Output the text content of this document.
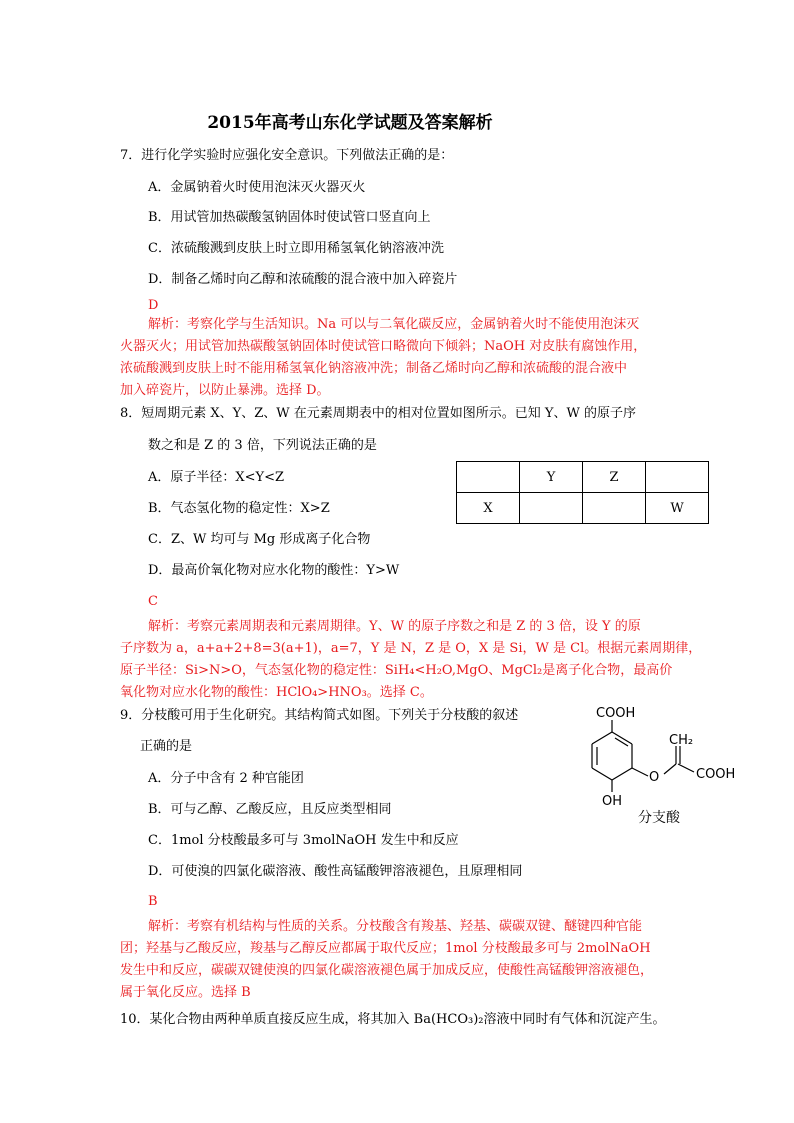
2015年高考山东化学试题及答案解析
7．进行化学实验时应强化安全意识。下列做法正确的是：
A．金属钠着火时使用泡沫灭火器灭火
B．用试管加热碳酸氢钠固体时使试管口竖直向上
C．浓硫酸溅到皮肤上时立即用稀氢氧化钠溶液冲洗
D．制备乙烯时向乙醇和浓硫酸的混合液中加入碎瓷片
D
解析：考察化学与生活知识。Na 可以与二氧化碳反应，金属钠着火时不能使用泡沫灭
火器灭火；用试管加热碳酸氢钠固体时使试管口略微向下倾斜；NaOH 对皮肤有腐蚀作用，
浓硫酸溅到皮肤上时不能用稀氢氧化钠溶液冲洗；制备乙烯时向乙醇和浓硫酸的混合液中
加入碎瓷片，以防止暴沸。选择 D。
8．短周期元素 X、Y、Z、W 在元素周期表中的相对位置如图所示。已知 Y、W 的原子序
数之和是 Z 的 3 倍，下列说法正确的是
A．原子半径：X<Y<Z
B．气态氢化物的稳定性：X>Z
C．Z、W 均可与 Mg 形成离子化合物
D．最高价氧化物对应水化物的酸性：Y>W
	Y	Z	
X			W
C
解析：考察元素周期表和元素周期律。Y、W 的原子序数之和是 Z 的 3 倍，设 Y 的原
子序数为 a，a+a+2+8=3(a+1)，a=7，Y 是 N，Z 是 O，X 是 Si，W 是 Cl。根据元素周期律，
原子半径：Si>N>O，气态氢化物的稳定性：SiH₄<H₂O,MgO、MgCl₂是离子化合物，最高价
氧化物对应水化物的酸性：HClO₄>HNO₃。选择 C。
9．分枝酸可用于生化研究。其结构简式如图。下列关于分枝酸的叙述
正确的是
A．分子中含有 2 种官能团
B．可与乙醇、乙酸反应，且反应类型相同
C．1mol 分枝酸最多可与 3molNaOH 发生中和反应
D．可使溴的四氯化碳溶液、酸性高锰酸钾溶液褪色，且原理相同
COOH
CH₂
O	COOH
OH
分支酸
B
解析：考察有机结构与性质的关系。分枝酸含有羧基、羟基、碳碳双键、醚键四种官能
团；羟基与乙酸反应，羧基与乙醇反应都属于取代反应；1mol 分枝酸最多可与 2molNaOH
发生中和反应，碳碳双键使溴的四氯化碳溶液褪色属于加成反应，使酸性高锰酸钾溶液褪色，
属于氧化反应。选择 B
10．某化合物由两种单质直接反应生成，将其加入 Ba(HCO₃)₂溶液中同时有气体和沉淀产生。
